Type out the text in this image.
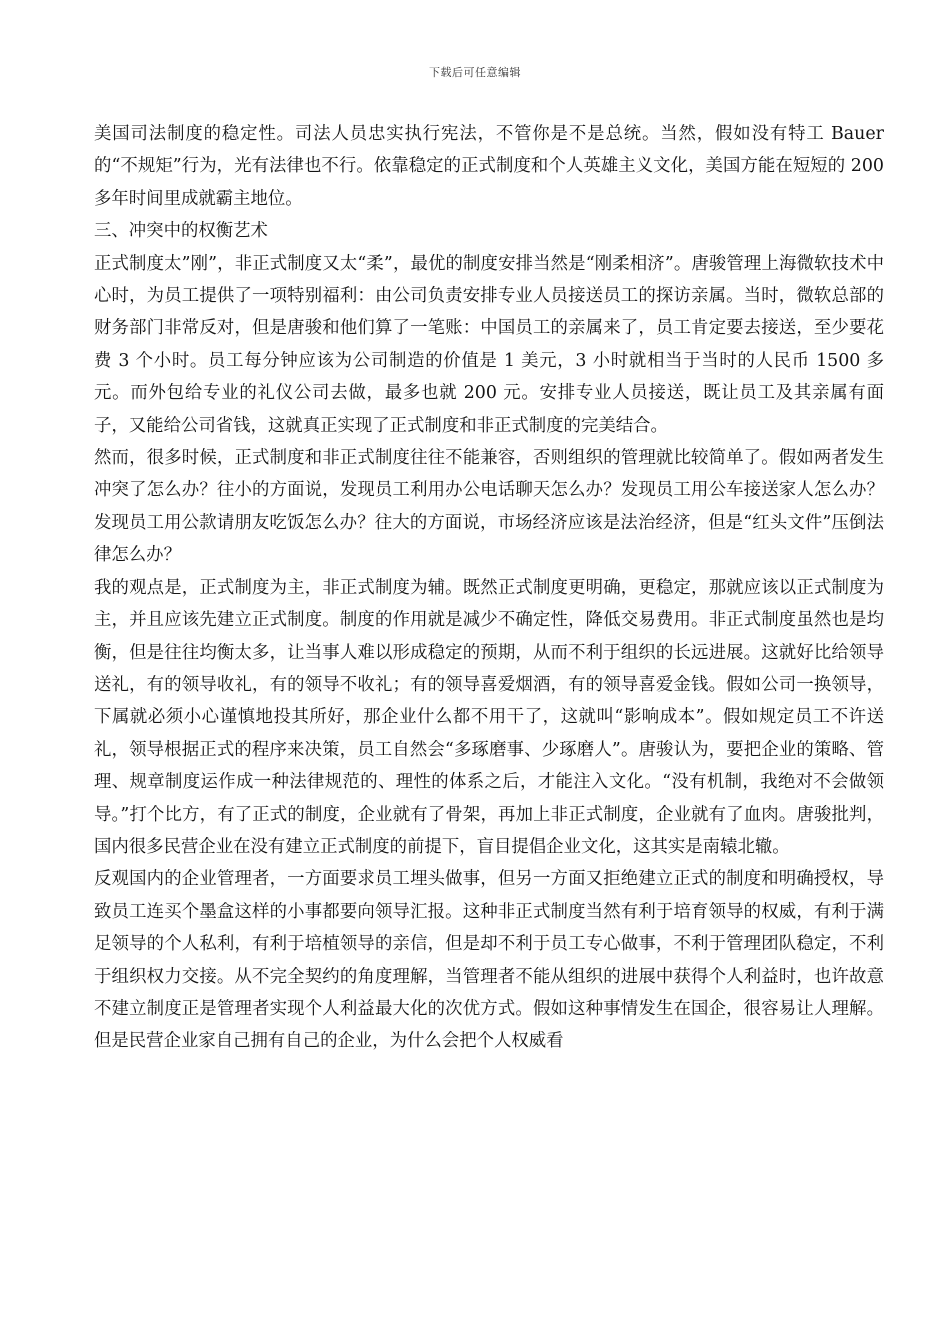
下载后可任意编辑

美国司法制度的稳定性。司法人员忠实执行宪法，不管你是不是总统。当然，假如没有特工 Bauer 的“不规矩”行为，光有法律也不行。依靠稳定的正式制度和个人英雄主义文化，美国方能在短短的 200 多年时间里成就霸主地位。

三、冲突中的权衡艺术

正式制度太”刚”，非正式制度又太“柔”，最优的制度安排当然是“刚柔相济”。唐骏管理上海微软技术中心时，为员工提供了一项特别福利：由公司负责安排专业人员接送员工的探访亲属。当时，微软总部的财务部门非常反对，但是唐骏和他们算了一笔账：中国员工的亲属来了，员工肯定要去接送，至少要花费 3 个小时。员工每分钟应该为公司制造的价值是 1 美元，3 小时就相当于当时的人民币 1500 多元。而外包给专业的礼仪公司去做，最多也就 200 元。安排专业人员接送，既让员工及其亲属有面子，又能给公司省钱，这就真正实现了正式制度和非正式制度的完美结合。

然而，很多时候，正式制度和非正式制度往往不能兼容，否则组织的管理就比较简单了。假如两者发生冲突了怎么办？往小的方面说，发现员工利用办公电话聊天怎么办？发现员工用公车接送家人怎么办？发现员工用公款请朋友吃饭怎么办？往大的方面说，市场经济应该是法治经济，但是“红头文件”压倒法律怎么办？

我的观点是，正式制度为主，非正式制度为辅。既然正式制度更明确，更稳定，那就应该以正式制度为主，并且应该先建立正式制度。制度的作用就是减少不确定性，降低交易费用。非正式制度虽然也是均衡，但是往往均衡太多，让当事人难以形成稳定的预期，从而不利于组织的长远进展。这就好比给领导送礼，有的领导收礼，有的领导不收礼；有的领导喜爱烟酒，有的领导喜爱金钱。假如公司一换领导，下属就必须小心谨慎地投其所好，那企业什么都不用干了，这就叫“影响成本”。假如规定员工不许送礼，领导根据正式的程序来决策，员工自然会“多琢磨事、少琢磨人”。唐骏认为，要把企业的策略、管理、规章制度运作成一种法律规范的、理性的体系之后，才能注入文化。“没有机制，我绝对不会做领导。”打个比方，有了正式的制度，企业就有了骨架，再加上非正式制度，企业就有了血肉。唐骏批判，国内很多民营企业在没有建立正式制度的前提下，盲目提倡企业文化，这其实是南辕北辙。

反观国内的企业管理者，一方面要求员工埋头做事，但另一方面又拒绝建立正式的制度和明确授权，导致员工连买个墨盒这样的小事都要向领导汇报。这种非正式制度当然有利于培育领导的权威，有利于满足领导的个人私利，有利于培植领导的亲信，但是却不利于员工专心做事，不利于管理团队稳定，不利于组织权力交接。从不完全契约的角度理解，当管理者不能从组织的进展中获得个人利益时，也许故意不建立制度正是管理者实现个人利益最大化的次优方式。假如这种事情发生在国企，很容易让人理解。但是民营企业家自己拥有自己的企业，为什么会把个人权威看
